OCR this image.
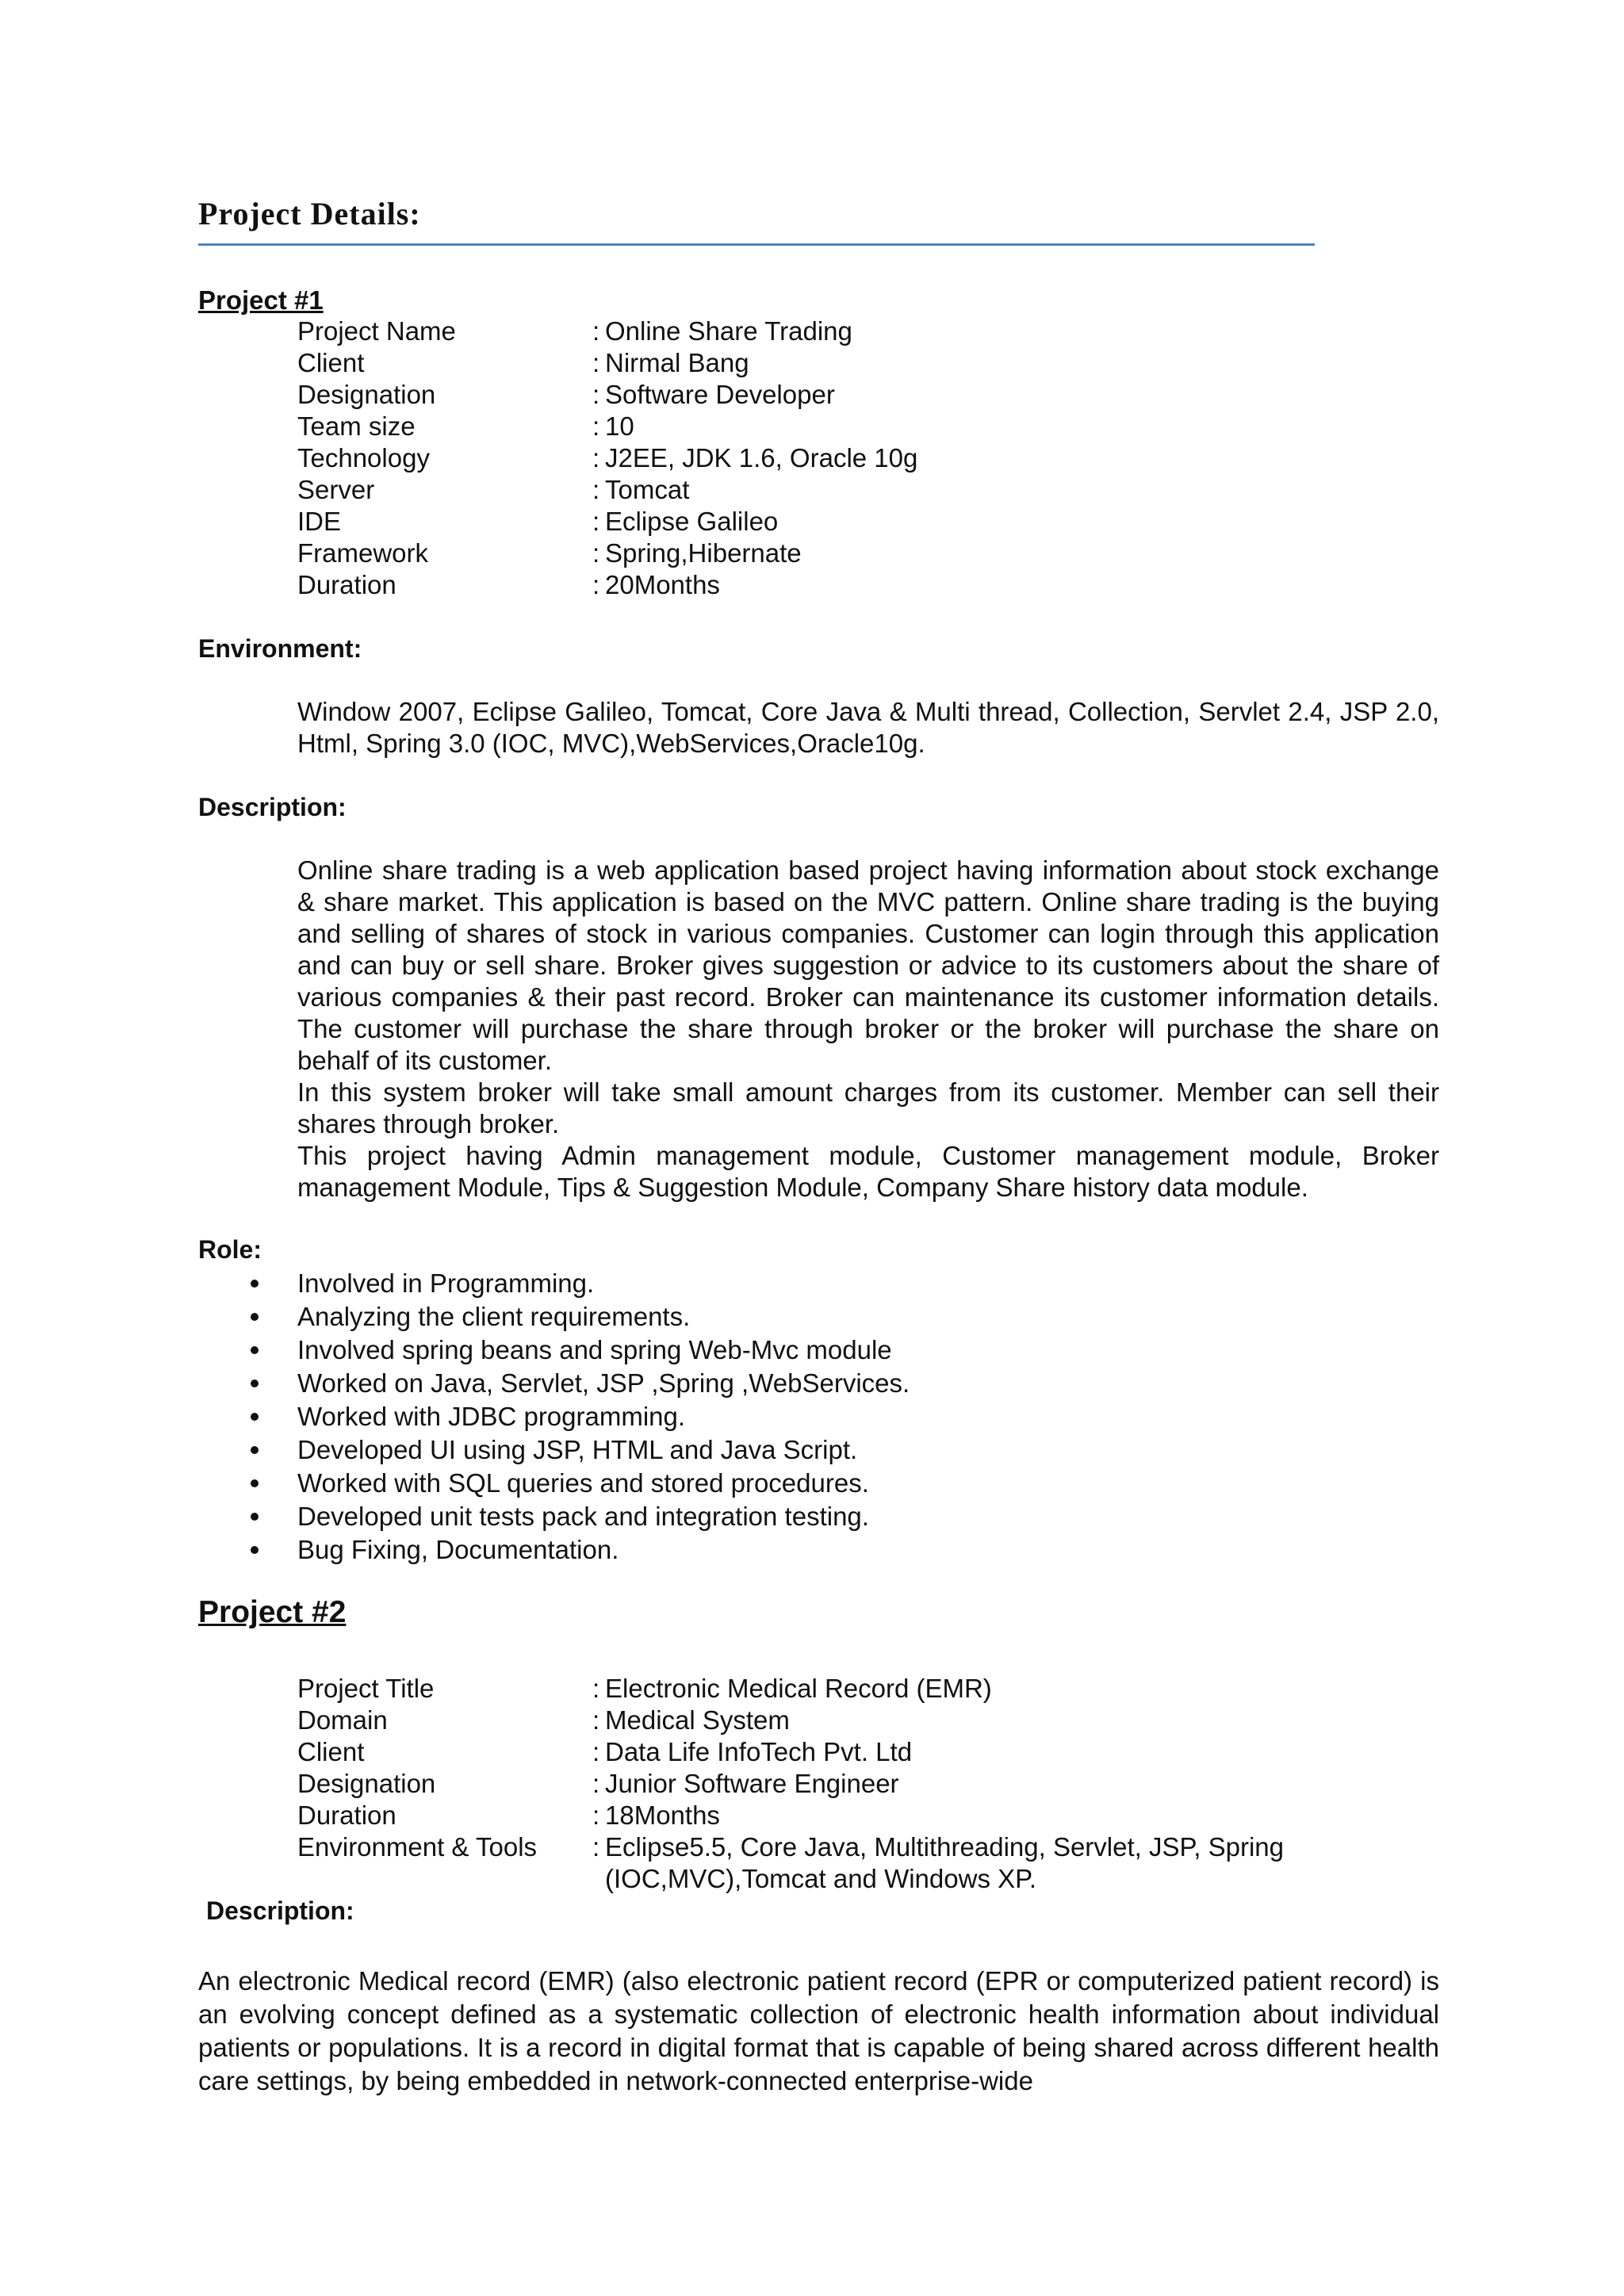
Project Details:
Project #1
Project Name	: Online Share Trading
Client	: Nirmal Bang
Designation	: Software Developer
Team size	: 10
Technology	: J2EE, JDK 1.6, Oracle 10g
Server	: Tomcat
IDE	: Eclipse Galileo
Framework	: Spring,Hibernate
Duration	: 20Months
Environment:

Window 2007, Eclipse Galileo, Tomcat, Core Java & Multi thread, Collection, Servlet 2.4, JSP 2.0, Html, Spring 3.0 (IOC, MVC),WebServices,Oracle10g.

Description:

Online share trading is a web application based project having information about stock exchange & share market. This application is based on the MVC pattern. Online share trading is the buying and selling of shares of stock in various companies. Customer can login through this application and can buy or sell share. Broker gives suggestion or advice to its customers about the share of various companies & their past record. Broker can maintenance its customer information details. The customer will purchase the share through broker or the broker will purchase the share on behalf of its customer.

In this system broker will take small amount charges from its customer. Member can sell their shares through broker.

This project having Admin management module, Customer management module, Broker management Module, Tips & Suggestion Module, Company Share history data module.

Role:
Involved in Programming.
Analyzing the client requirements.
Involved spring beans and spring Web-Mvc module
Worked on Java, Servlet, JSP ,Spring ,WebServices.
Worked with JDBC programming.
Developed UI using JSP, HTML and Java Script.
Worked with SQL queries and stored procedures.
Developed unit tests pack and integration testing.
Bug Fixing, Documentation.
Project #2
Project Title	: Electronic Medical Record (EMR)
Domain	: Medical System
Client	: Data Life InfoTech Pvt. Ltd
Designation	: Junior Software Engineer
Duration	: 18Months
Environment & Tools	: Eclipse5.5, Core Java, Multithreading, Servlet, JSP, Spring
(IOC,MVC),Tomcat and Windows XP.
Description:
An electronic Medical record (EMR) (also electronic patient record (EPR or computerized patient record) is an evolving concept defined as a systematic collection of electronic health information about individual patients or populations. It is a record in digital format that is capable of being shared across different health care settings, by being embedded in network-connected enterprise-wide
